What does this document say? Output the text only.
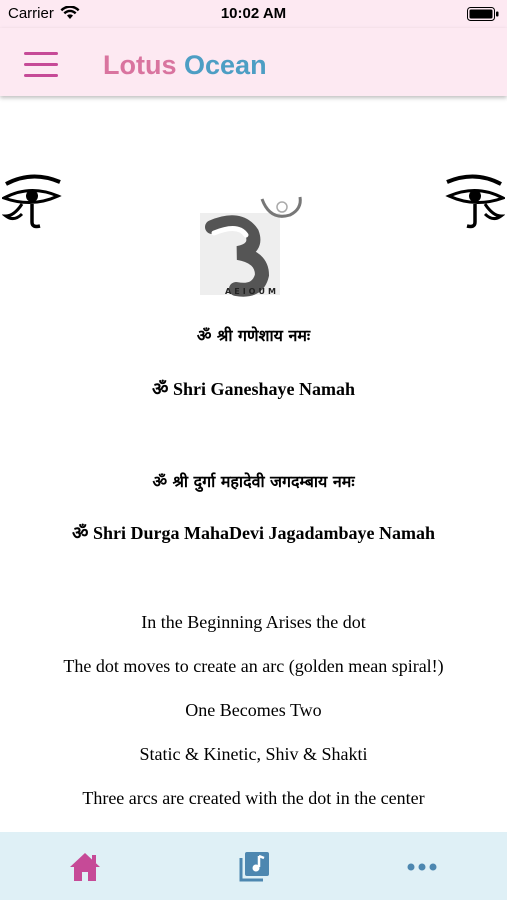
Carrier	10:02 AM
Lotus Ocean
AEIOUM
ॐ श्री गणेशाय नमः
ॐ Shri Ganeshaye Namah
ॐ श्री दुर्गा महादेवी जगदम्बाय नमः
ॐ Shri Durga MahaDevi Jagadambaye Namah
In the Beginning Arises the dot
The dot moves to create an arc (golden mean spiral!)
One Becomes Two
Static & Kinetic, Shiv & Shakti
Three arcs are created with the dot in the center
